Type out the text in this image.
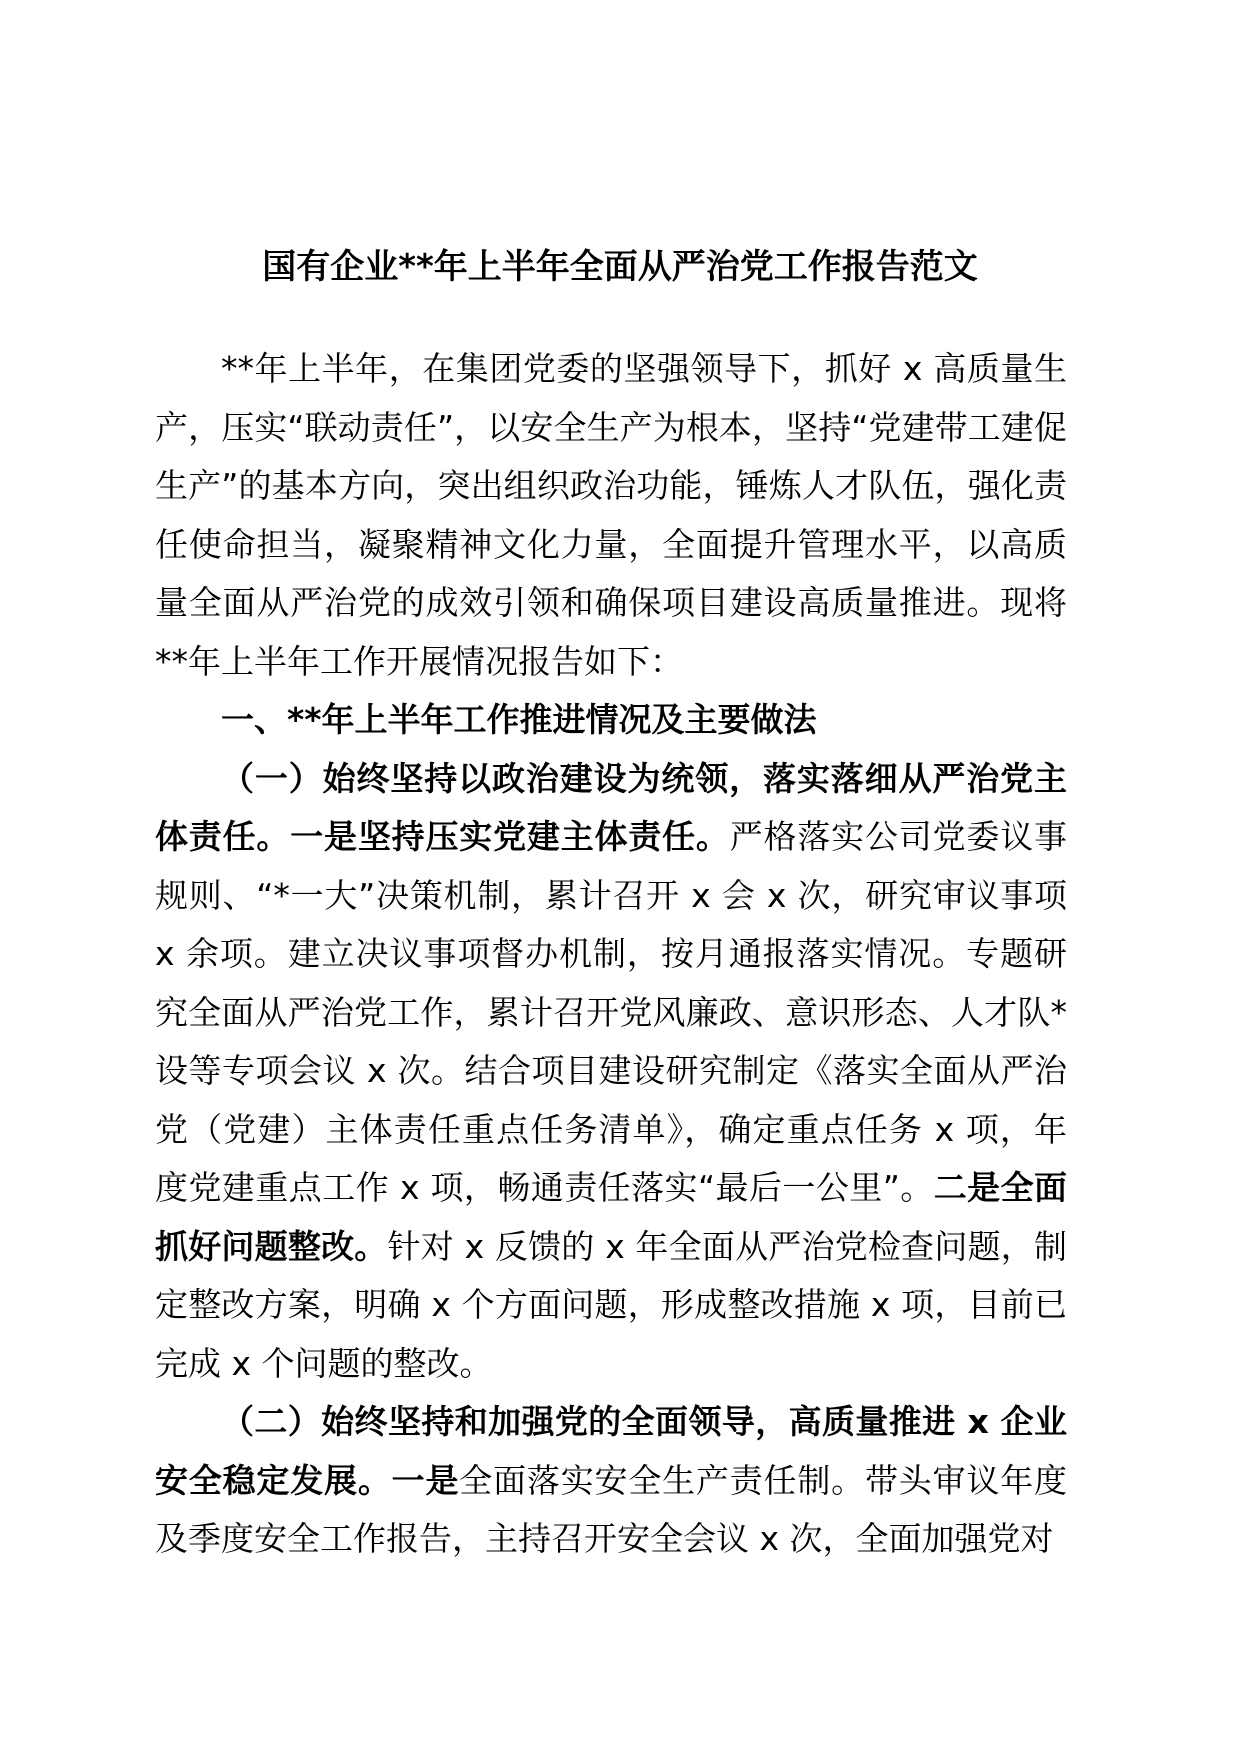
国有企业**年上半年全面从严治党工作报告范文

**年上半年，在集团党委的坚强领导下，抓好 x 高质量生产，压实“联动责任”，以安全生产为根本，坚持“党建带工建促生产”的基本方向，突出组织政治功能，锤炼人才队伍，强化责任使命担当，凝聚精神文化力量，全面提升管理水平，以高质量全面从严治党的成效引领和确保项目建设高质量推进。现将**年上半年工作开展情况报告如下：

一、**年上半年工作推进情况及主要做法

（一）始终坚持以政治建设为统领，落实落细从严治党主体责任。一是坚持压实党建主体责任。严格落实公司党委议事规则、“*一大”决策机制，累计召开 x 会 x 次，研究审议事项 x 余项。建立决议事项督办机制，按月通报落实情况。专题研究全面从严治党工作，累计召开党风廉政、意识形态、人才队*设等专项会议 x 次。结合项目建设研究制定《落实全面从严治党（党建）主体责任重点任务清单》，确定重点任务 x 项，年度党建重点工作 x 项，畅通责任落实“最后一公里”。二是全面抓好问题整改。针对 x 反馈的 x 年全面从严治党检查问题，制定整改方案，明确 x 个方面问题，形成整改措施 x 项，目前已完成 x 个问题的整改。

（二）始终坚持和加强党的全面领导，高质量推进 x 企业安全稳定发展。一是全面落实安全生产责任制。带头审议年度及季度安全工作报告，主持召开安全会议 x 次，全面加强党对
